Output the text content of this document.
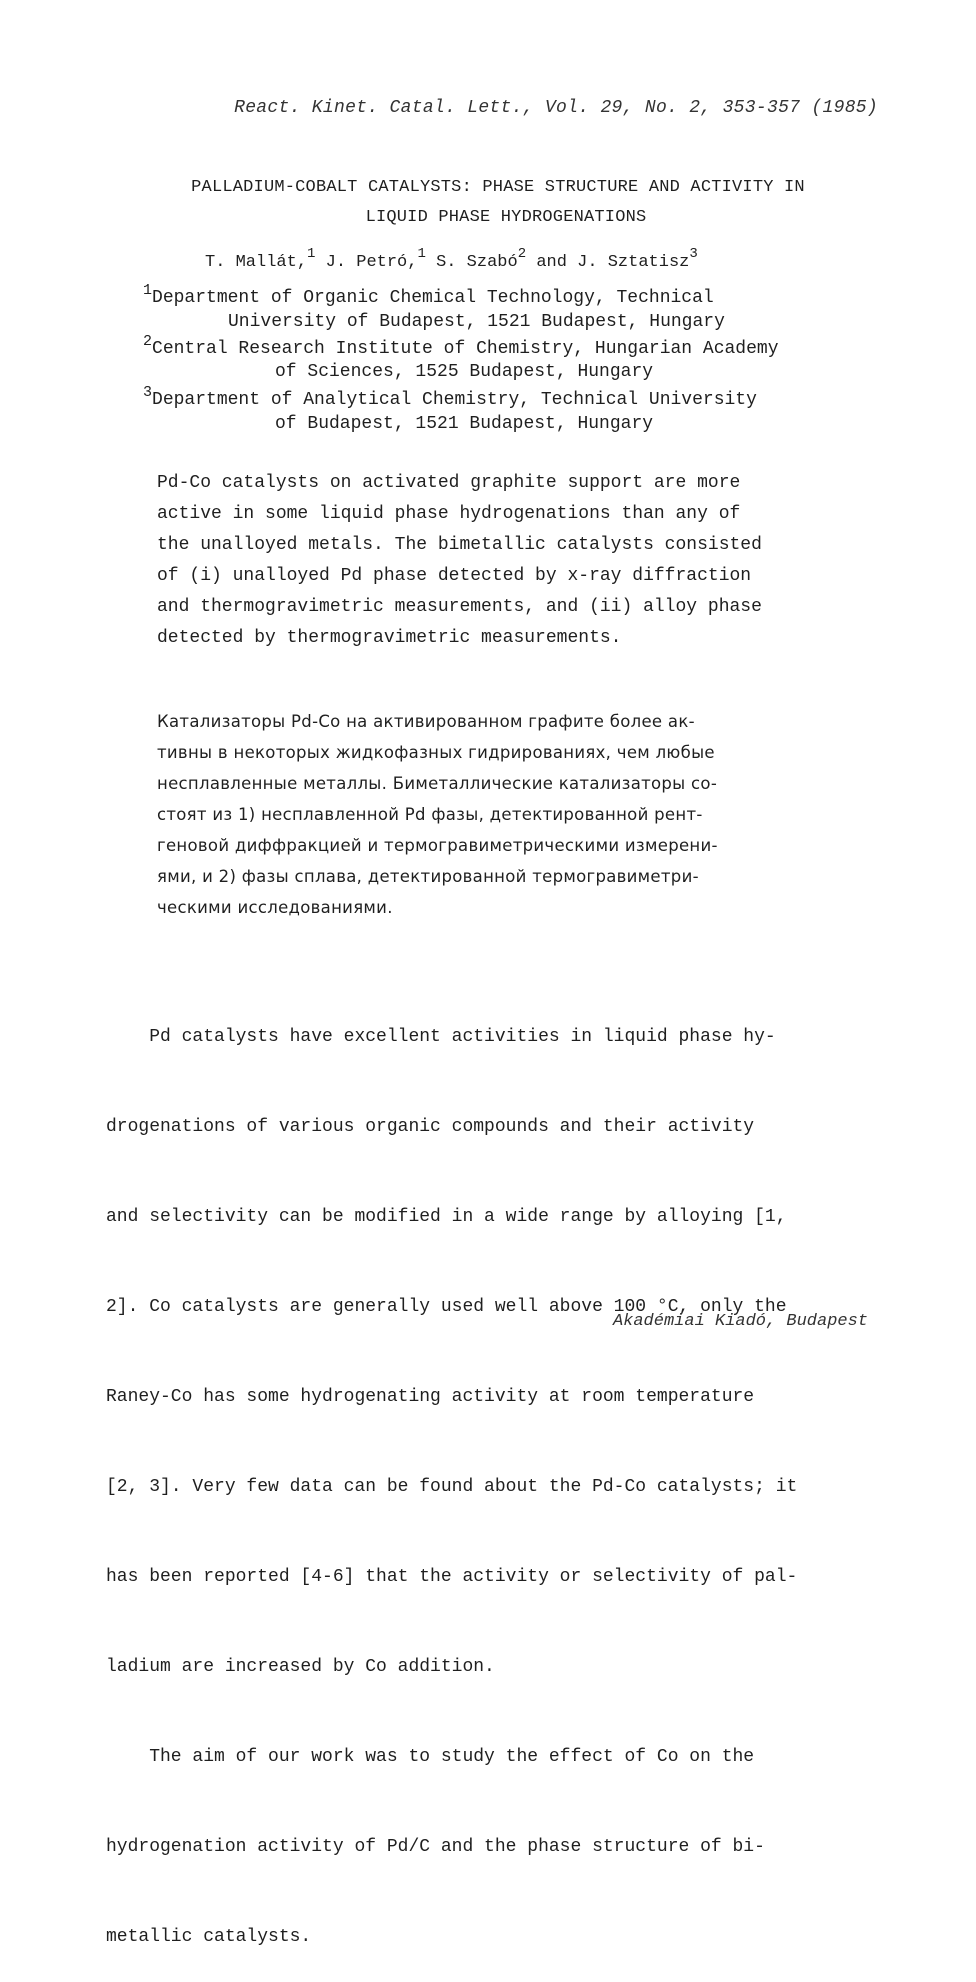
React. Kinet. Catal. Lett., Vol. 29, No. 2, 353-357 (1985)
PALLADIUM-COBALT CATALYSTS: PHASE STRUCTURE AND ACTIVITY IN
LIQUID PHASE HYDROGENATIONS
T. Mallát,$^1$ J. Petró,$^1$ S. Szabó$^2$ and J. Sztatisz$^3$
$^1$Department of Organic Chemical Technology, Technical
University of Budapest, 1521 Budapest, Hungary
$^2$Central Research Institute of Chemistry, Hungarian Academy
of Sciences, 1525 Budapest, Hungary
$^3$Department of Analytical Chemistry, Technical University
of Budapest, 1521 Budapest, Hungary
Pd-Co catalysts on activated graphite support are more
active in some liquid phase hydrogenations than any of
the unalloyed metals. The bimetallic catalysts consisted
of (i) unalloyed Pd phase detected by x-ray diffraction
and thermogravimetric measurements, and (ii) alloy phase
detected by thermogravimetric measurements.
Катализаторы Pd-Co на активированном графите более ак-
тивны в некоторых жидкофазных гидрированиях, чем любые
несплавленные металлы. Биметаллические катализаторы со-
стоят из 1) несплавленной Pd фазы, детектированной рент-
геновой диффракцией и термогравиметрическими измерени-
ями, и 2) фазы сплава, детектированной термогравиметри-
ческими исследованиями.

Pd catalysts have excellent activities in liquid phase hy-

drogenations of various organic compounds and their activity

and selectivity can be modified in a wide range by alloying [1,

2]. Co catalysts are generally used well above 100 °C, only the

Raney-Co has some hydrogenating activity at room temperature

[2, 3]. Very few data can be found about the Pd-Co catalysts; it

has been reported [4-6] that the activity or selectivity of pal-

ladium are increased by Co addition.

The aim of our work was to study the effect of Co on the

hydrogenation activity of Pd/C and the phase structure of bi-

metallic catalysts.

Akadémiai Kiadó, Budapest
